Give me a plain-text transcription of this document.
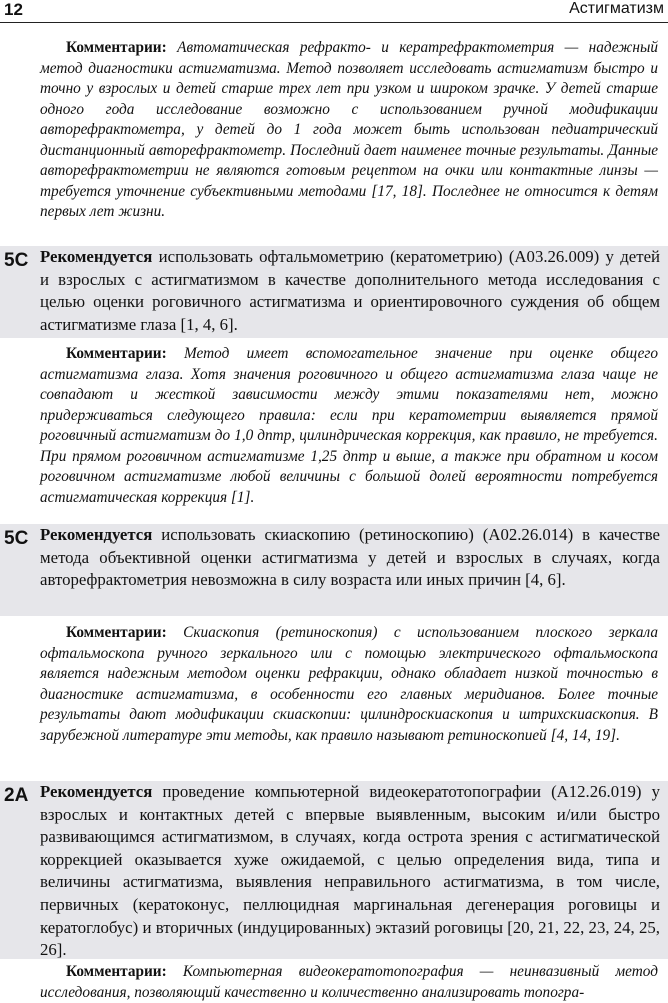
12	Астигматизм
Комментарии: Автоматическая рефракто- и кератрефрактометрия — надежный метод диагностики астигматизма. Метод позволяет исследовать астигматизм быстро и точно у взрослых и детей старше трех лет при узком и широком зрачке. У детей старше одного года исследование возможно с использованием ручной модификации авторефрактометра, у детей до 1 года может быть использован педиатрический дистанционный авторефрактометр. Последний дает наименее точные результаты. Данные авторефрактометрии не являются готовым рецептом на очки или контактные линзы — требуется уточнение субъективными методами [17, 18]. Последнее не относится к детям первых лет жизни.
5C Рекомендуется использовать офтальмометрию (кератометрию) (A03.26.009) у детей и взрослых с астигматизмом в качестве дополнительного метода исследования с целью оценки роговичного астигматизма и ориентировочного суждения об общем астигматизме глаза [1, 4, 6].
Комментарии: Метод имеет вспомогательное значение при оценке общего астигматизма глаза. Хотя значения роговичного и общего астигматизма глаза чаще не совпадают и жесткой зависимости между этими показателями нет, можно придерживаться следующего правила: если при кератометрии выявляется прямой роговичный астигматизм до 1,0 дптр, цилиндрическая коррекция, как правило, не требуется. При прямом роговичном астигматизме 1,25 дптр и выше, а также при обратном и косом роговичном астигматизме любой величины с большой долей вероятности потребуется астигматическая коррекция [1].
5C Рекомендуется использовать скиаскопию (ретиноскопию) (A02.26.014) в качестве метода объективной оценки астигматизма у детей и взрослых в случаях, когда авторефрактометрия невозможна в силу возраста или иных причин [4, 6].
Комментарии: Скиаскопия (ретиноскопия) с использованием плоского зеркала офтальмоскопа ручного зеркального или с помощью электрического офтальмоскопа является надежным методом оценки рефракции, однако обладает низкой точностью в диагностике астигматизма, в особенности его главных меридианов. Более точные результаты дают модификации скиаскопии: цилиндроскиаскопия и штрихскиаскопия. В зарубежной литературе эти методы, как правило называют ретиноскопией [4, 14, 19].
2A Рекомендуется проведение компьютерной видеокератотопографии (A12.26.019) у взрослых и контактных детей с впервые выявленным, высоким и/или быстро развивающимся астигматизмом, в случаях, когда острота зрения с астигматической коррекцией оказывается хуже ожидаемой, с целью определения вида, типа и величины астигматизма, выявления неправильного астигматизма, в том числе, первичных (кератоконус, пеллюцидная маргинальная дегенерация роговицы и кератоглобус) и вторичных (индуцированных) эктазий роговицы [20, 21, 22, 23, 24, 25, 26].
Комментарии: Компьютерная видеокератотопография — неинвазивный метод исследования, позволяющий качественно и количественно анализировать топогра-
